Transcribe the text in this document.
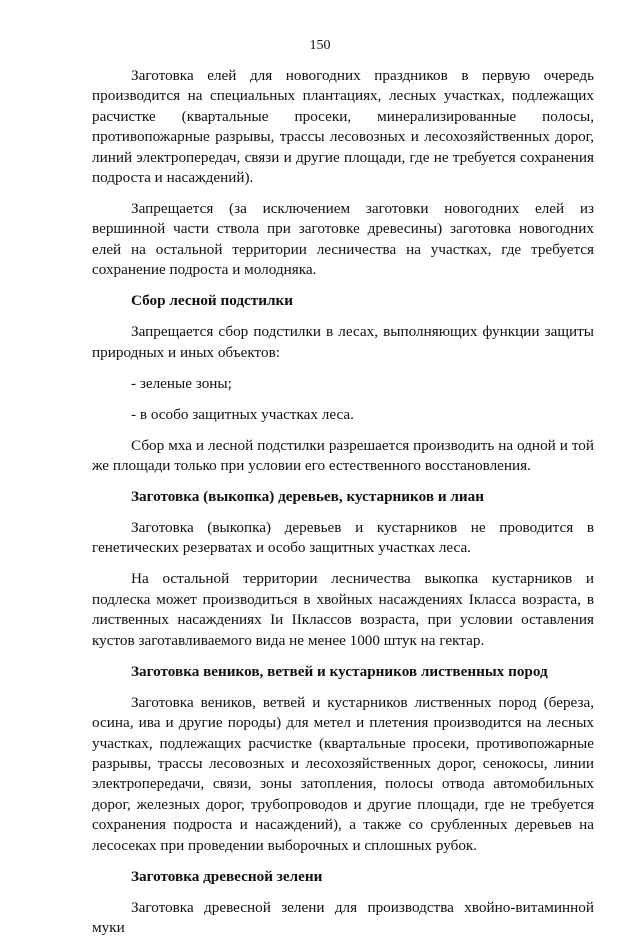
150

Заготовка елей для новогодних праздников в первую очередь производится на специальных плантациях, лесных участках, подлежащих расчистке (квартальные просеки, минерализированные полосы, противопожарные разрывы, трассы лесовозных и лесохозяйственных дорог, линий электропередач, связи и другие площади, где не требуется сохранения подроста и насаждений).

Запрещается (за исключением заготовки новогодних елей из вершинной части ствола при заготовке древесины) заготовка новогодних елей на остальной территории лесничества на участках, где требуется сохранение подроста и молодняка.

Сбор лесной подстилки

Запрещается сбор подстилки в лесах, выполняющих функции защиты природных и иных объектов:

- зеленые зоны;

- в особо защитных участках леса.

Сбор мха и лесной подстилки разрешается производить на одной и той же площади только при условии его естественного восстановления.

Заготовка (выкопка) деревьев, кустарников и лиан

Заготовка (выкопка) деревьев и кустарников не проводится в генетических резерватах и особо защитных участках леса.

На остальной территории лесничества выкопка кустарников и подлеска может производиться в хвойных насаждениях Iкласса возраста, в лиственных насаждениях Iи IIклассов возраста, при условии оставления кустов заготавливаемого вида не менее 1000 штук на гектар.

Заготовка веников, ветвей и кустарников лиственных пород

Заготовка веников, ветвей и кустарников лиственных пород (береза, осина, ива и другие породы) для метел и плетения производится на лесных участках, подлежащих расчистке (квартальные просеки, противопожарные разрывы, трассы лесовозных и лесохозяйственных дорог, сенокосы, линии электропередачи, связи, зоны затопления, полосы отвода автомобильных дорог, железных дорог, трубопроводов и другие площади, где не требуется сохранения подроста и насаждений), а также со срубленных деревьев на лесосеках при проведении выборочных и сплошных рубок.

Заготовка древесной зелени

Заготовка древесной зелени для производства хвойно-витаминной муки
